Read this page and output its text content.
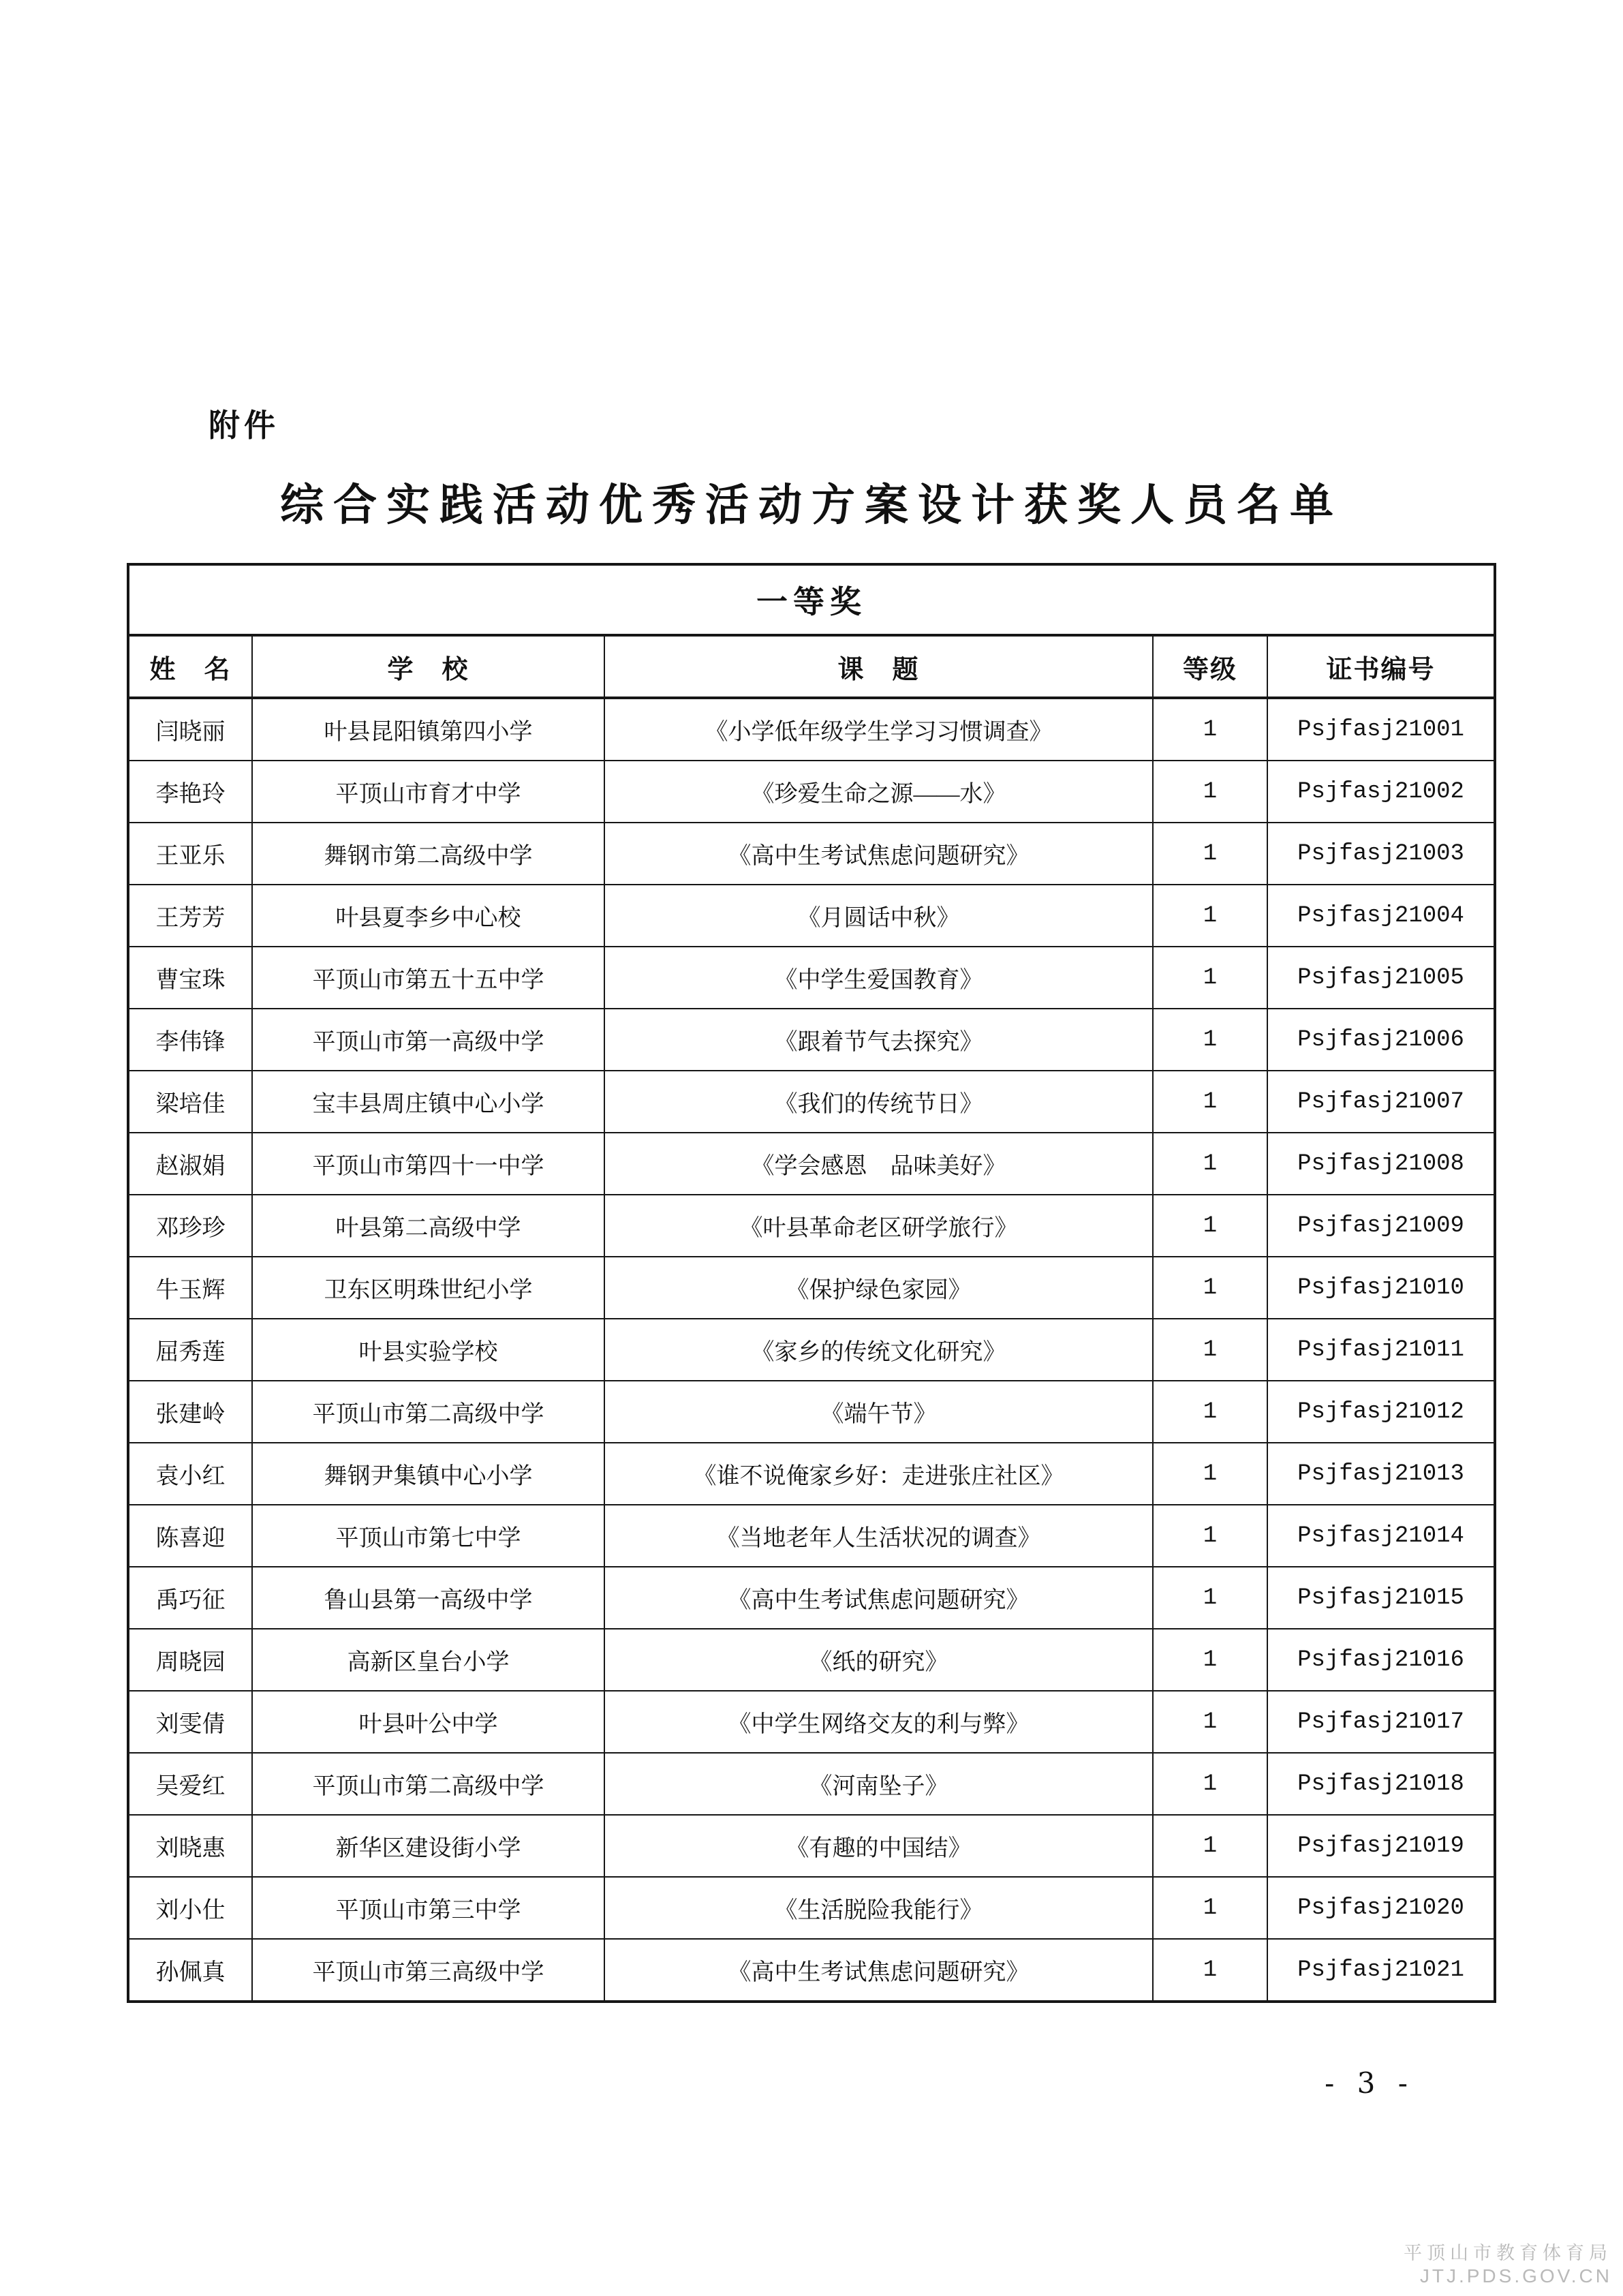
附件
综合实践活动优秀活动方案设计获奖人员名单
一等奖				
姓　名	学　校	课　题	等级	证书编号
闫晓丽	叶县昆阳镇第四小学	《小学低年级学生学习习惯调查》	1	Psjfasj21001
李艳玲	平顶山市育才中学	《珍爱生命之源——水》	1	Psjfasj21002
王亚乐	舞钢市第二高级中学	《高中生考试焦虑问题研究》	1	Psjfasj21003
王芳芳	叶县夏李乡中心校	《月圆话中秋》	1	Psjfasj21004
曹宝珠	平顶山市第五十五中学	《中学生爱国教育》	1	Psjfasj21005
李伟锋	平顶山市第一高级中学	《跟着节气去探究》	1	Psjfasj21006
梁培佳	宝丰县周庄镇中心小学	《我们的传统节日》	1	Psjfasj21007
赵淑娟	平顶山市第四十一中学	《学会感恩　品味美好》	1	Psjfasj21008
邓珍珍	叶县第二高级中学	《叶县革命老区研学旅行》	1	Psjfasj21009
牛玉辉	卫东区明珠世纪小学	《保护绿色家园》	1	Psjfasj21010
屈秀莲	叶县实验学校	《家乡的传统文化研究》	1	Psjfasj21011
张建岭	平顶山市第二高级中学	《端午节》	1	Psjfasj21012
袁小红	舞钢尹集镇中心小学	《谁不说俺家乡好：走进张庄社区》	1	Psjfasj21013
陈喜迎	平顶山市第七中学	《当地老年人生活状况的调查》	1	Psjfasj21014
禹巧征	鲁山县第一高级中学	《高中生考试焦虑问题研究》	1	Psjfasj21015
周晓园	高新区皇台小学	《纸的研究》	1	Psjfasj21016
刘雯倩	叶县叶公中学	《中学生网络交友的利与弊》	1	Psjfasj21017
吴爱红	平顶山市第二高级中学	《河南坠子》	1	Psjfasj21018
刘晓惠	新华区建设街小学	《有趣的中国结》	1	Psjfasj21019
刘小仕	平顶山市第三中学	《生活脱险我能行》	1	Psjfasj21020
孙佩真	平顶山市第三高级中学	《高中生考试焦虑问题研究》	1	Psjfasj21021
- 3 -
平顶山市教育体育局
JTJ.PDS.GOV.CN
